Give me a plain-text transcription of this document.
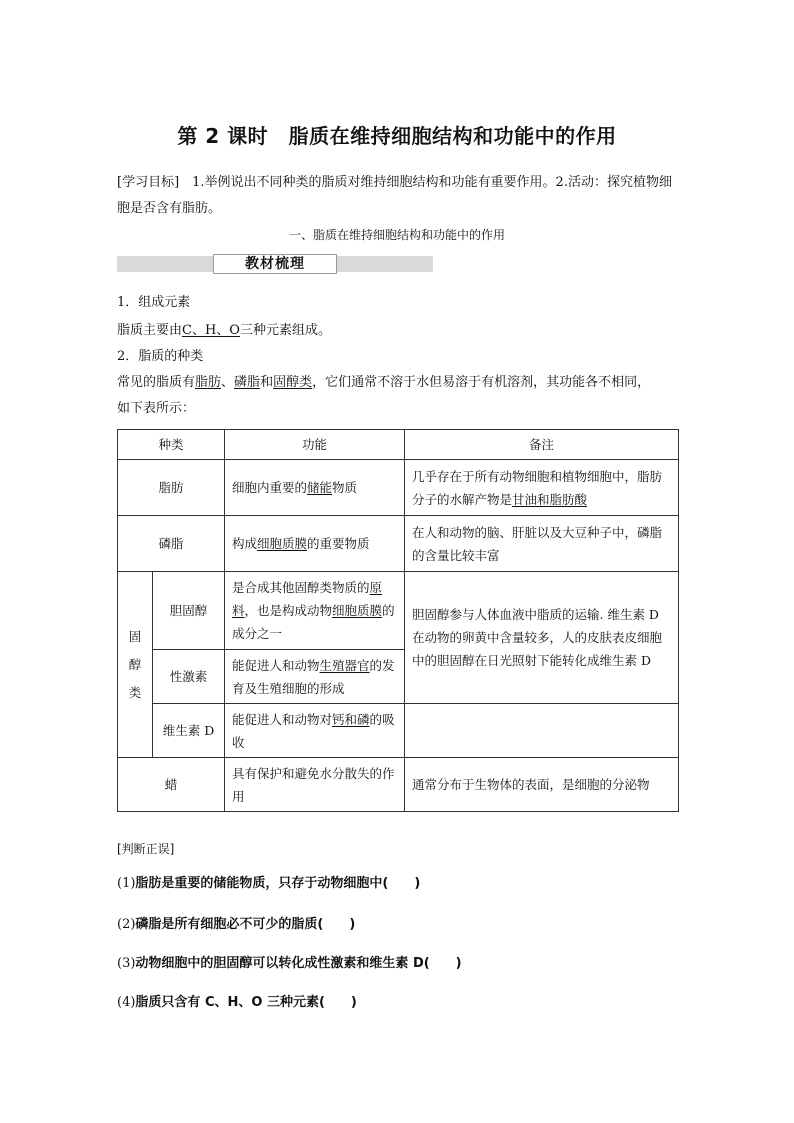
第 2 课时　脂质在维持细胞结构和功能中的作用
[学习目标]　1.举例说出不同种类的脂质对维持细胞结构和功能有重要作用。2.活动：探究植物细胞是否含有脂肪。
一、脂质在维持细胞结构和功能中的作用
教材梳理
1．组成元素
脂质主要由C、H、O三种元素组成。
2．脂质的种类
常见的脂质有脂肪、磷脂和固醇类，它们通常不溶于水但易溶于有机溶剂，其功能各不相同，
如下表所示：
种类		功能	备注
脂肪		细胞内重要的储能物质	几乎存在于所有动物细胞和植物细胞中，脂肪分子的水解产物是甘油和脂肪酸
磷脂		构成细胞质膜的重要物质	在人和动物的脑、肝脏以及大豆种子中，磷脂的含量比较丰富
固醇类	胆固醇	是合成其他固醇类物质的原料，也是构成动物细胞质膜的成分之一	胆固醇参与人体血液中脂质的运输. 维生素 D 在动物的卵黄中含量较多，人的皮肤表皮细胞中的胆固醇在日光照射下能转化成维生素 D
	性激素	能促进人和动物生殖器官的发育及生殖细胞的形成	
	维生素 D	能促进人和动物对钙和磷的吸收	
蜡		具有保护和避免水分散失的作用	通常分布于生物体的表面，是细胞的分泌物
[判断正误]
(1)脂肪是重要的储能物质，只存于动物细胞中(　　)
(2)磷脂是所有细胞必不可少的脂质(　　)
(3)动物细胞中的胆固醇可以转化成性激素和维生素 D(　　)
(4)脂质只含有 C、H、O 三种元素(　　)
